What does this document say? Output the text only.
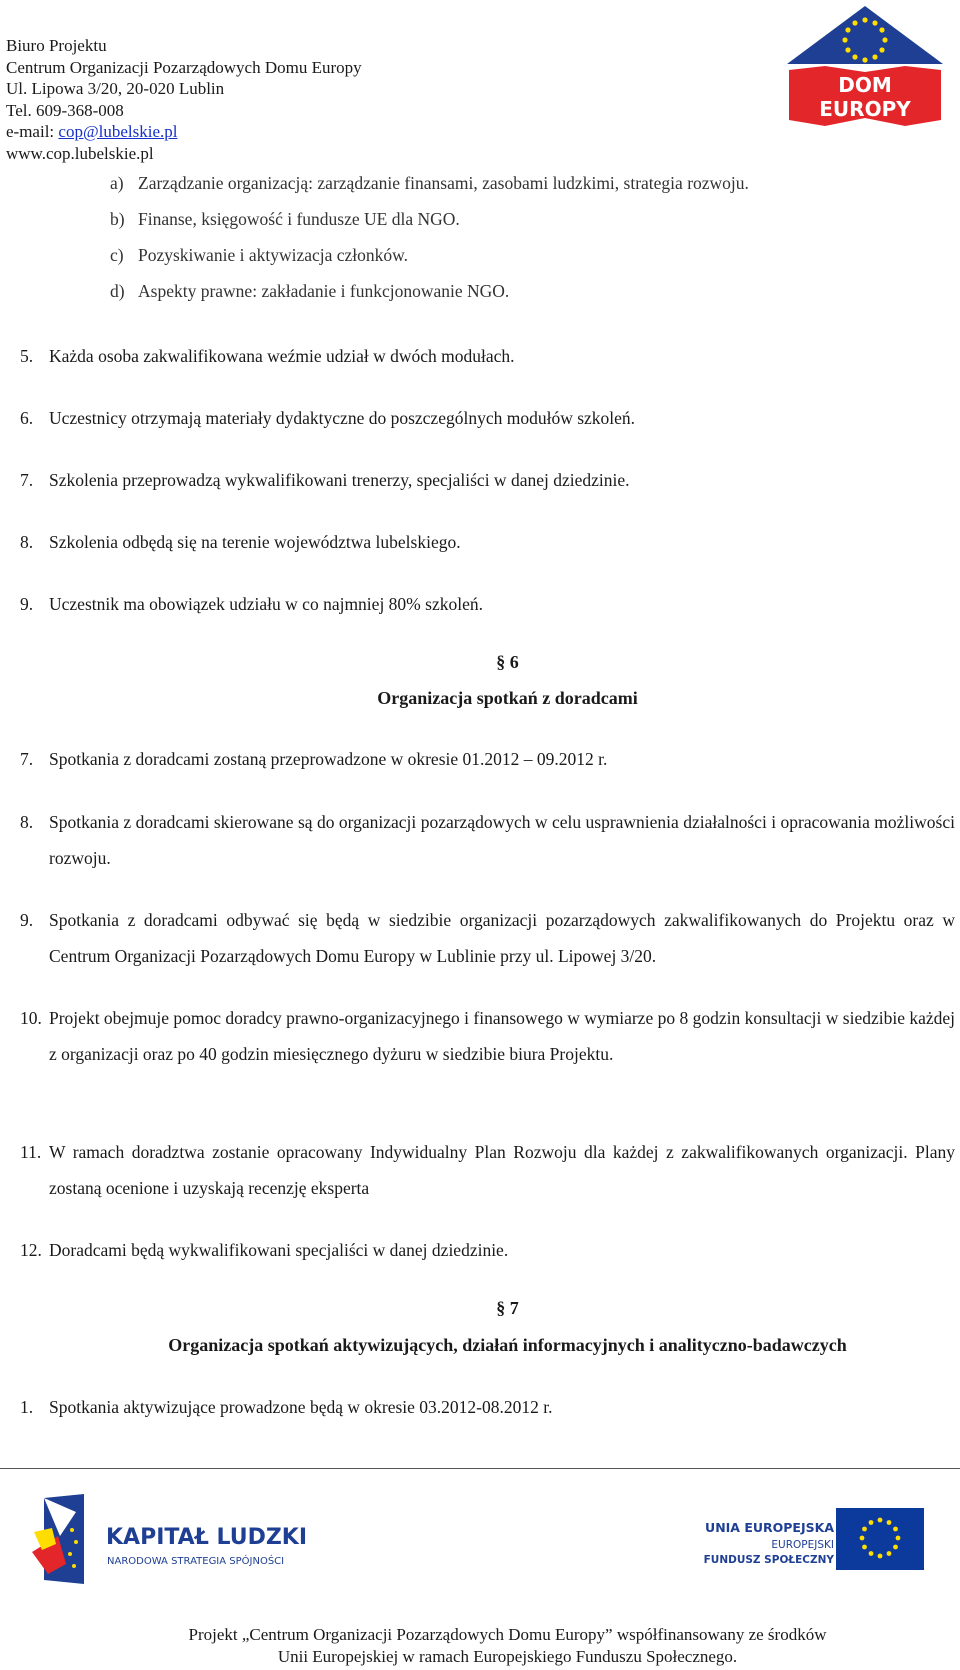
Biuro Projektu
Centrum Organizacji Pozarządowych Domu Europy
Ul. Lipowa 3/20, 20-020 Lublin
Tel. 609-368-008
e-mail: cop@lubelskie.pl
www.cop.lubelskie.pl
DOM
EUROPY
a) Zarządzanie organizacją: zarządzanie finansami, zasobami ludzkimi, strategia rozwoju.
b) Finanse, księgowość i fundusze UE dla NGO.
c) Pozyskiwanie i aktywizacja członków.
d) Aspekty prawne: zakładanie i funkcjonowanie NGO.
5. Każda osoba zakwalifikowana weźmie udział w dwóch modułach.
6. Uczestnicy otrzymają materiały dydaktyczne do poszczególnych modułów szkoleń.
7. Szkolenia przeprowadzą wykwalifikowani trenerzy, specjaliści w danej dziedzinie.
8. Szkolenia odbędą się na terenie województwa lubelskiego.
9. Uczestnik ma obowiązek udziału w co najmniej 80% szkoleń.
§ 6
Organizacja spotkań z doradcami
7. Spotkania z doradcami zostaną przeprowadzone w okresie 01.2012 – 09.2012 r.
8. Spotkania z doradcami skierowane są do organizacji pozarządowych w celu usprawnienia działalności i opracowania możliwości rozwoju.
9. Spotkania z doradcami odbywać się będą w siedzibie organizacji pozarządowych zakwalifikowanych do Projektu oraz w Centrum Organizacji Pozarządowych Domu Europy w Lublinie przy ul. Lipowej 3/20.
10. Projekt obejmuje pomoc doradcy prawno-organizacyjnego i finansowego w wymiarze po 8 godzin konsultacji w siedzibie każdej z organizacji oraz po 40 godzin miesięcznego dyżuru w siedzibie biura Projektu.
11. W ramach doradztwa zostanie opracowany Indywidualny Plan Rozwoju dla każdej z zakwalifikowanych organizacji. Plany zostaną ocenione i uzyskają recenzję eksperta
12. Doradcami będą wykwalifikowani specjaliści w danej dziedzinie.
§ 7
Organizacja spotkań aktywizujących, działań informacyjnych i analityczno-badawczych
1. Spotkania aktywizujące prowadzone będą w okresie 03.2012-08.2012 r.
KAPITAŁ LUDZKI
NARODOWA STRATEGIA SPÓJNOŚCI
UNIA EUROPEJSKA
EUROPEJSKI
FUNDUSZ SPOŁECZNY
Projekt „Centrum Organizacji Pozarządowych Domu Europy” współfinansowany ze środków
Unii Europejskiej w ramach Europejskiego Funduszu Społecznego.
